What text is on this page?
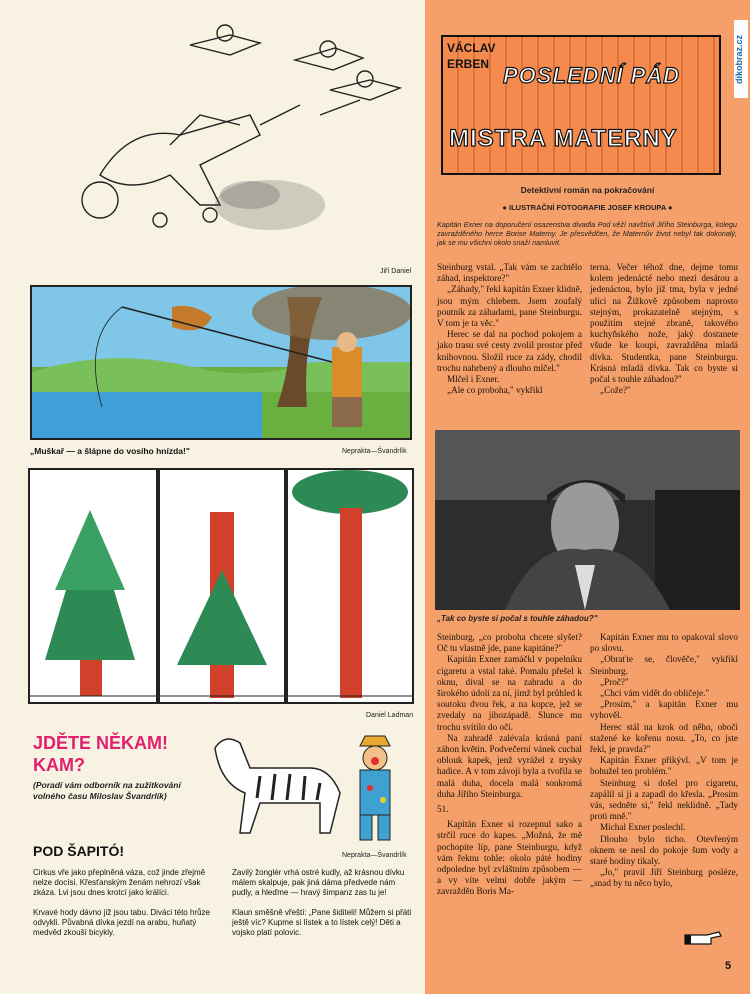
Jiří Daniel
„Muškař — a šlápne do vosího hnízda!"	Neprakta—Švandrlík
Daniel Ladman
JDĚTE NĚKAM!
KAM?
(Poradí vám odborník na zužitkování volného času Miloslav Švandrlík)
Neprakta—Švandrlík
POD ŠAPITÓ!

Cirkus vře jako přeplněná váza, což jinde zřejmě nelze docísi. Křesťanským ženám nehrozí však zkáza. Lvi jsou dnes krotcí jako králíci.

Krvavé hody dávno již jsou tabu. Diváci této hrůze odvykli. Půvabná dívka jezdí na arabu, huňatý medvěd zkouší bicykly.

Zavilý žonglér vrhá ostré kudly, až krásnou dívku málem skalpuje, pak jiná dáma předvede nám pudly, a hleďme — hravý šimpanz zas tu je!

Klaun směšně vřeští: „Pane šiditeli! Můžem si přáti ještě víc? Kupme si lístek a to lístek celý! Děti a vojsko platí polovic.

dikobraz.cz
VÁCLAV
ERBEN POSLEDNÍ PÁD
MISTRA MATERNY
Detektivní román na pokračování
● ILUSTRAČNÍ FOTOGRAFIE JOSEF KROUPA ●
Kapitán Exner na doporučení osazenstva divadla Pod věží navštívil Jiřího Steinburga, kolegu zavražděného herce Borise Materny. Je přesvědčen, že Maternův život nebyl tak dokonalý, jak se mu všichni okolo snaží namluvit.

Steinburg vstal. „Tak vám se zachtělo záhad, inspektore?"

„Záhady," řekl kapitán Exner klidně, jsou mým chlebem. Jsem zoufalý poutník za záhadami, pane Steinburgu. V tom je ta věc."

Herec se dal na pochod pokojem a jako trasu své cesty zvolil prostor před knihovnou. Složil ruce za zády, chodil trochu nahrbený a dlouho mlčel."

Mlčel i Exner.

„Ale co proboha," vykřikl

terna. Večer téhož dne, dejme tomu kolem jedenácté nebo mezi desátou a jedenáctou, bylo již tma, byla v jedné ulici na Žižkově způsobem naprosto stejným, prokazatelně stejným, s použitím stejné zbraně, takového kuchyňského nože, jaký dostanete všude ke koupi, zavražděna mladá dívka. Studentka, pane Steinburgu. Krásná mladá dívka. Tak co byste si počal s touhle záhadou?"

„Cože?"

„Tak co byste si počal s touhle záhadou?"

Steinburg, „co proboha chcete slyšet? Oč tu vlastně jde, pane kapitáne?"

Kapitán Exner zamáčkl v popelníku cigaretu a vstal také. Pomalu přešel k oknu, díval se na zahradu a do širokého údolí za ní, jímž byl průhled k soutoku dvou řek, a na kopce, jež se zvedaly na jihozápadě. Slunce mu trochu svítilo do očí.

Na zahradě zalévala krásná paní záhon květin. Podvečerní vánek cuchal oblouk kapek, jenž vyrážel z trysky hadice. A v tom závoji byla a tvořila se malá duha, docela malá soukromá duha Jiřího Steinburga.

51.

Kapitán Exner si rozepnul sako a strčil ruce do kapes. „Možná, že mě pochopíte líp, pane Steinburgu, když vám řeknu tohle: okolo páté hodiny odpoledne byl zvláštním způsobem — a vy víte velmi dobře jakým — zavražděn Boris Ma-

Kapitán Exner mu to opakoval slovo po slovu.

„Obraťte se, člověče," vykřikl Steinburg.

„Proč?"

„Chci vám vidět do obličeje."

„Prosím," a kapitán Exner mu vyhověl.

Herec stál na krok od něho, obočí stažené ke kořenu nosu. „To, co jste řekl, je pravda?"

Kapitán Exner přikývl. „V tom je bohužel ten problém."

Steinburg si došel pro cigaretu, zapálil si ji a zapadl do křesla. „Prosím vás, sedněte si," řekl neklidně. „Tady proti mně."

Michal Exner poslechl.

Dlouho bylo ticho. Otevřeným oknem se nesl do pokoje šum vody a staré hodiny tikaly.

„Jo," pravil Jiří Steinburg posléze, „snad by tu něco bylo,

5
